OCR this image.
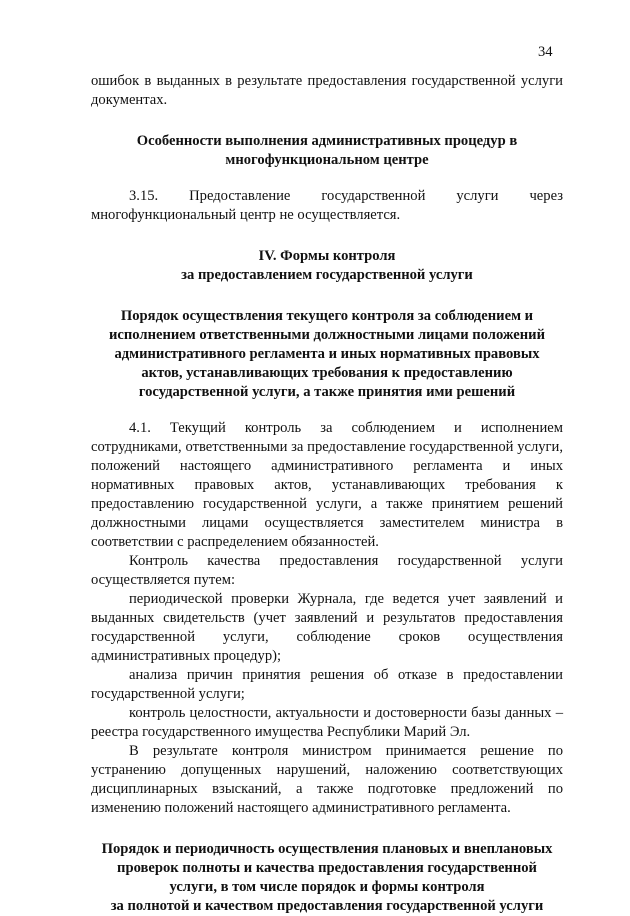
34

ошибок в выданных в результате предоставления государственной услуги документах.

Особенности выполнения административных процедур в
многофункциональном центре
3.15. Предоставление государственной услуги через

многофункциональный центр не осуществляется.

IV. Формы контроля
за предоставлением государственной услуги
Порядок осуществления текущего контроля за соблюдением и
исполнением ответственными должностными лицами положений
административного регламента и иных нормативных правовых
актов, устанавливающих требования к предоставлению
государственной услуги, а также принятия ими решений

4.1. Текущий контроль за соблюдением и исполнением сотрудниками, ответственными за предоставление государственной услуги, положений настоящего административного регламента и иных нормативных правовых актов, устанавливающих требования к предоставлению государственной услуги, а также принятием решений должностными лицами осуществляется заместителем министра в соответствии с распределением обязанностей.

Контроль качества предоставления государственной услуги осуществляется путем:

периодической проверки Журнала, где ведется учет заявлений и выданных свидетельств (учет заявлений и результатов предоставления государственной услуги, соблюдение сроков осуществления административных процедур);

анализа причин принятия решения об отказе в предоставлении государственной услуги;

контроль целостности, актуальности и достоверности базы данных – реестра государственного имущества Республики Марий Эл.

В результате контроля министром принимается решение по устранению допущенных нарушений, наложению соответствующих дисциплинарных взысканий, а также подготовке предложений по изменению положений настоящего административного регламента.

Порядок и периодичность осуществления плановых и внеплановых
проверок полноты и качества предоставления государственной
услуги, в том числе порядок и формы контроля
за полнотой и качеством предоставления государственной услуги
